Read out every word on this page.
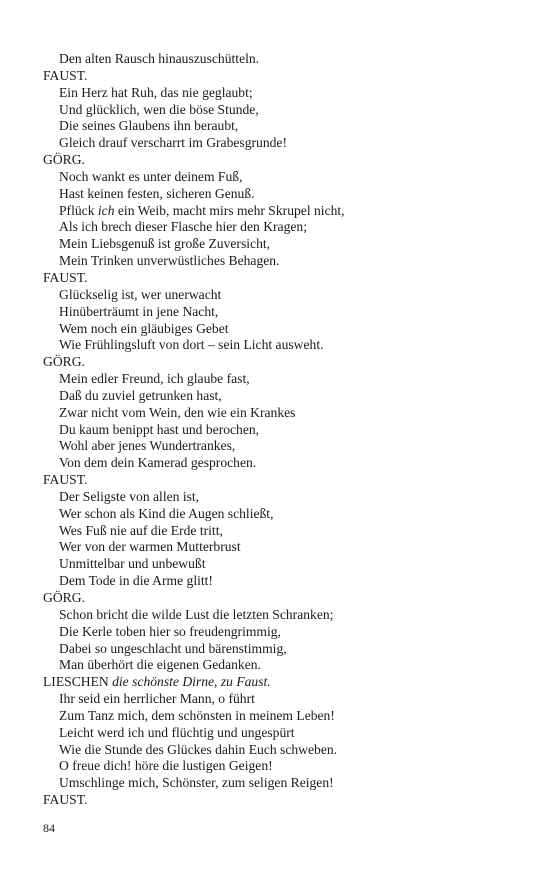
Den alten Rausch hinauszuschütteln.
FAUST.
Ein Herz hat Ruh, das nie geglaubt;
Und glücklich, wen die böse Stunde,
Die seines Glaubens ihn beraubt,
Gleich drauf verscharrt im Grabesgrunde!
GÖRG.
Noch wankt es unter deinem Fuß,
Hast keinen festen, sicheren Genuß.
Pflück ich ein Weib, macht mirs mehr Skrupel nicht,
Als ich brech dieser Flasche hier den Kragen;
Mein Liebsgenuß ist große Zuversicht,
Mein Trinken unverwüstliches Behagen.
FAUST.
Glückselig ist, wer unerwacht
Hinüberträumt in jene Nacht,
Wem noch ein gläubiges Gebet
Wie Frühlingsluft von dort – sein Licht ausweht.
GÖRG.
Mein edler Freund, ich glaube fast,
Daß du zuviel getrunken hast,
Zwar nicht vom Wein, den wie ein Krankes
Du kaum benippt hast und berochen,
Wohl aber jenes Wundertrankes,
Von dem dein Kamerad gesprochen.
FAUST.
Der Seligste von allen ist,
Wer schon als Kind die Augen schließt,
Wes Fuß nie auf die Erde tritt,
Wer von der warmen Mutterbrust
Unmittelbar und unbewußt
Dem Tode in die Arme glitt!
GÖRG.
Schon bricht die wilde Lust die letzten Schranken;
Die Kerle toben hier so freudengrimmig,
Dabei so ungeschlacht und bärenstimmig,
Man überhört die eigenen Gedanken.
LIESCHEN die schönste Dirne, zu Faust.
Ihr seid ein herrlicher Mann, o führt
Zum Tanz mich, dem schönsten in meinem Leben!
Leicht werd ich und flüchtig und ungespürt
Wie die Stunde des Glückes dahin Euch schweben.
O freue dich! höre die lustigen Geigen!
Umschlinge mich, Schönster, zum seligen Reigen!
FAUST.
84
